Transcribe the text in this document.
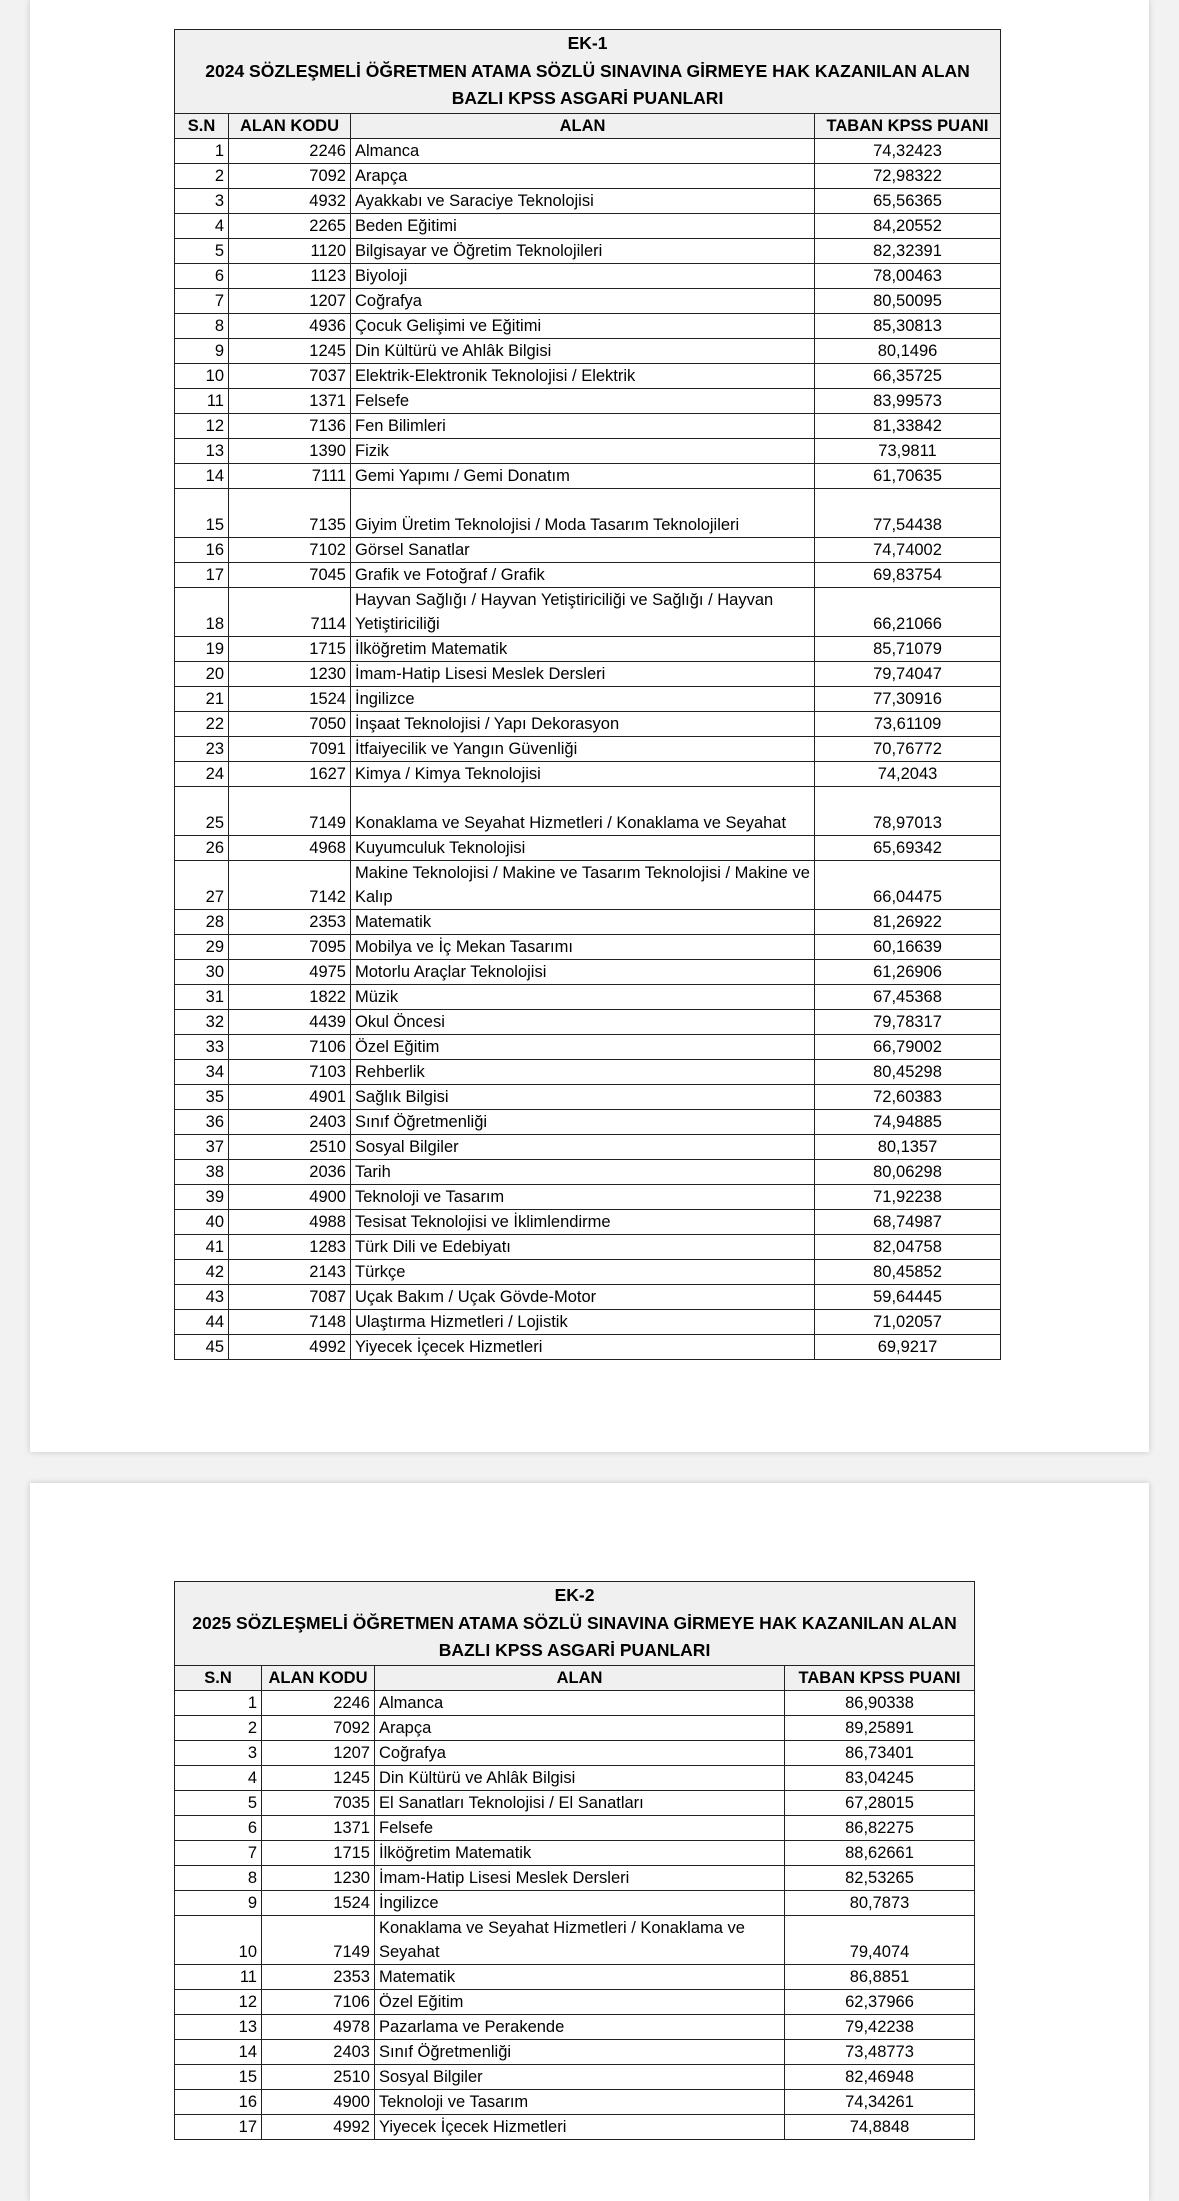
EK-1
2024 SÖZLEŞMELİ ÖĞRETMEN ATAMA SÖZLÜ SINAVINA GİRMEYE HAK KAZANILAN ALAN BAZLI KPSS ASGARİ PUANLARI			

S.N	ALAN KODU	ALAN	TABAN KPSS PUANI
1	2246	Almanca	74,32423
2	7092	Arapça	72,98322
3	4932	Ayakkabı ve Saraciye Teknolojisi	65,56365
4	2265	Beden Eğitimi	84,20552
5	1120	Bilgisayar ve Öğretim Teknolojileri	82,32391
6	1123	Biyoloji	78,00463
7	1207	Coğrafya	80,50095
8	4936	Çocuk Gelişimi ve Eğitimi	85,30813
9	1245	Din Kültürü ve Ahlâk Bilgisi	80,1496
10	7037	Elektrik-Elektronik Teknolojisi / Elektrik	66,35725
11	1371	Felsefe	83,99573
12	7136	Fen Bilimleri	81,33842
13	1390	Fizik	73,9811
14	7111	Gemi Yapımı / Gemi Donatım	61,70635
15	7135	Giyim Üretim Teknolojisi / Moda Tasarım Teknolojileri	77,54438
16	7102	Görsel Sanatlar	74,74002
17	7045	Grafik ve Fotoğraf / Grafik	69,83754
18	7114	Hayvan Sağlığı / Hayvan Yetiştiriciliği ve Sağlığı / Hayvan Yetiştiriciliği	66,21066
19	1715	İlköğretim Matematik	85,71079
20	1230	İmam-Hatip Lisesi Meslek Dersleri	79,74047
21	1524	İngilizce	77,30916
22	7050	İnşaat Teknolojisi / Yapı Dekorasyon	73,61109
23	7091	İtfaiyecilik ve Yangın Güvenliği	70,76772
24	1627	Kimya / Kimya Teknolojisi	74,2043
25	7149	Konaklama ve Seyahat Hizmetleri / Konaklama ve Seyahat	78,97013
26	4968	Kuyumculuk Teknolojisi	65,69342
27	7142	Makine Teknolojisi / Makine ve Tasarım Teknolojisi / Makine ve Kalıp	66,04475
28	2353	Matematik	81,26922
29	7095	Mobilya ve İç Mekan Tasarımı	60,16639
30	4975	Motorlu Araçlar Teknolojisi	61,26906
31	1822	Müzik	67,45368
32	4439	Okul Öncesi	79,78317
33	7106	Özel Eğitim	66,79002
34	7103	Rehberlik	80,45298
35	4901	Sağlık Bilgisi	72,60383
36	2403	Sınıf Öğretmenliği	74,94885
37	2510	Sosyal Bilgiler	80,1357
38	2036	Tarih	80,06298
39	4900	Teknoloji ve Tasarım	71,92238
40	4988	Tesisat Teknolojisi ve İklimlendirme	68,74987
41	1283	Türk Dili ve Edebiyatı	82,04758
42	2143	Türkçe	80,45852
43	7087	Uçak Bakım / Uçak Gövde-Motor	59,64445
44	7148	Ulaştırma Hizmetleri / Lojistik	71,02057
45	4992	Yiyecek İçecek Hizmetleri	69,9217
EK-2
2025 SÖZLEŞMELİ ÖĞRETMEN ATAMA SÖZLÜ SINAVINA GİRMEYE HAK KAZANILAN ALAN BAZLI KPSS ASGARİ PUANLARI			

S.N	ALAN KODU	ALAN	TABAN KPSS PUANI
1	2246	Almanca	86,90338
2	7092	Arapça	89,25891
3	1207	Coğrafya	86,73401
4	1245	Din Kültürü ve Ahlâk Bilgisi	83,04245
5	7035	El Sanatları Teknolojisi / El Sanatları	67,28015
6	1371	Felsefe	86,82275
7	1715	İlköğretim Matematik	88,62661
8	1230	İmam-Hatip Lisesi Meslek Dersleri	82,53265
9	1524	İngilizce	80,7873
10	7149	Konaklama ve Seyahat Hizmetleri / Konaklama ve Seyahat	79,4074
11	2353	Matematik	86,8851
12	7106	Özel Eğitim	62,37966
13	4978	Pazarlama ve Perakende	79,42238
14	2403	Sınıf Öğretmenliği	73,48773
15	2510	Sosyal Bilgiler	82,46948
16	4900	Teknoloji ve Tasarım	74,34261
17	4992	Yiyecek İçecek Hizmetleri	74,8848
